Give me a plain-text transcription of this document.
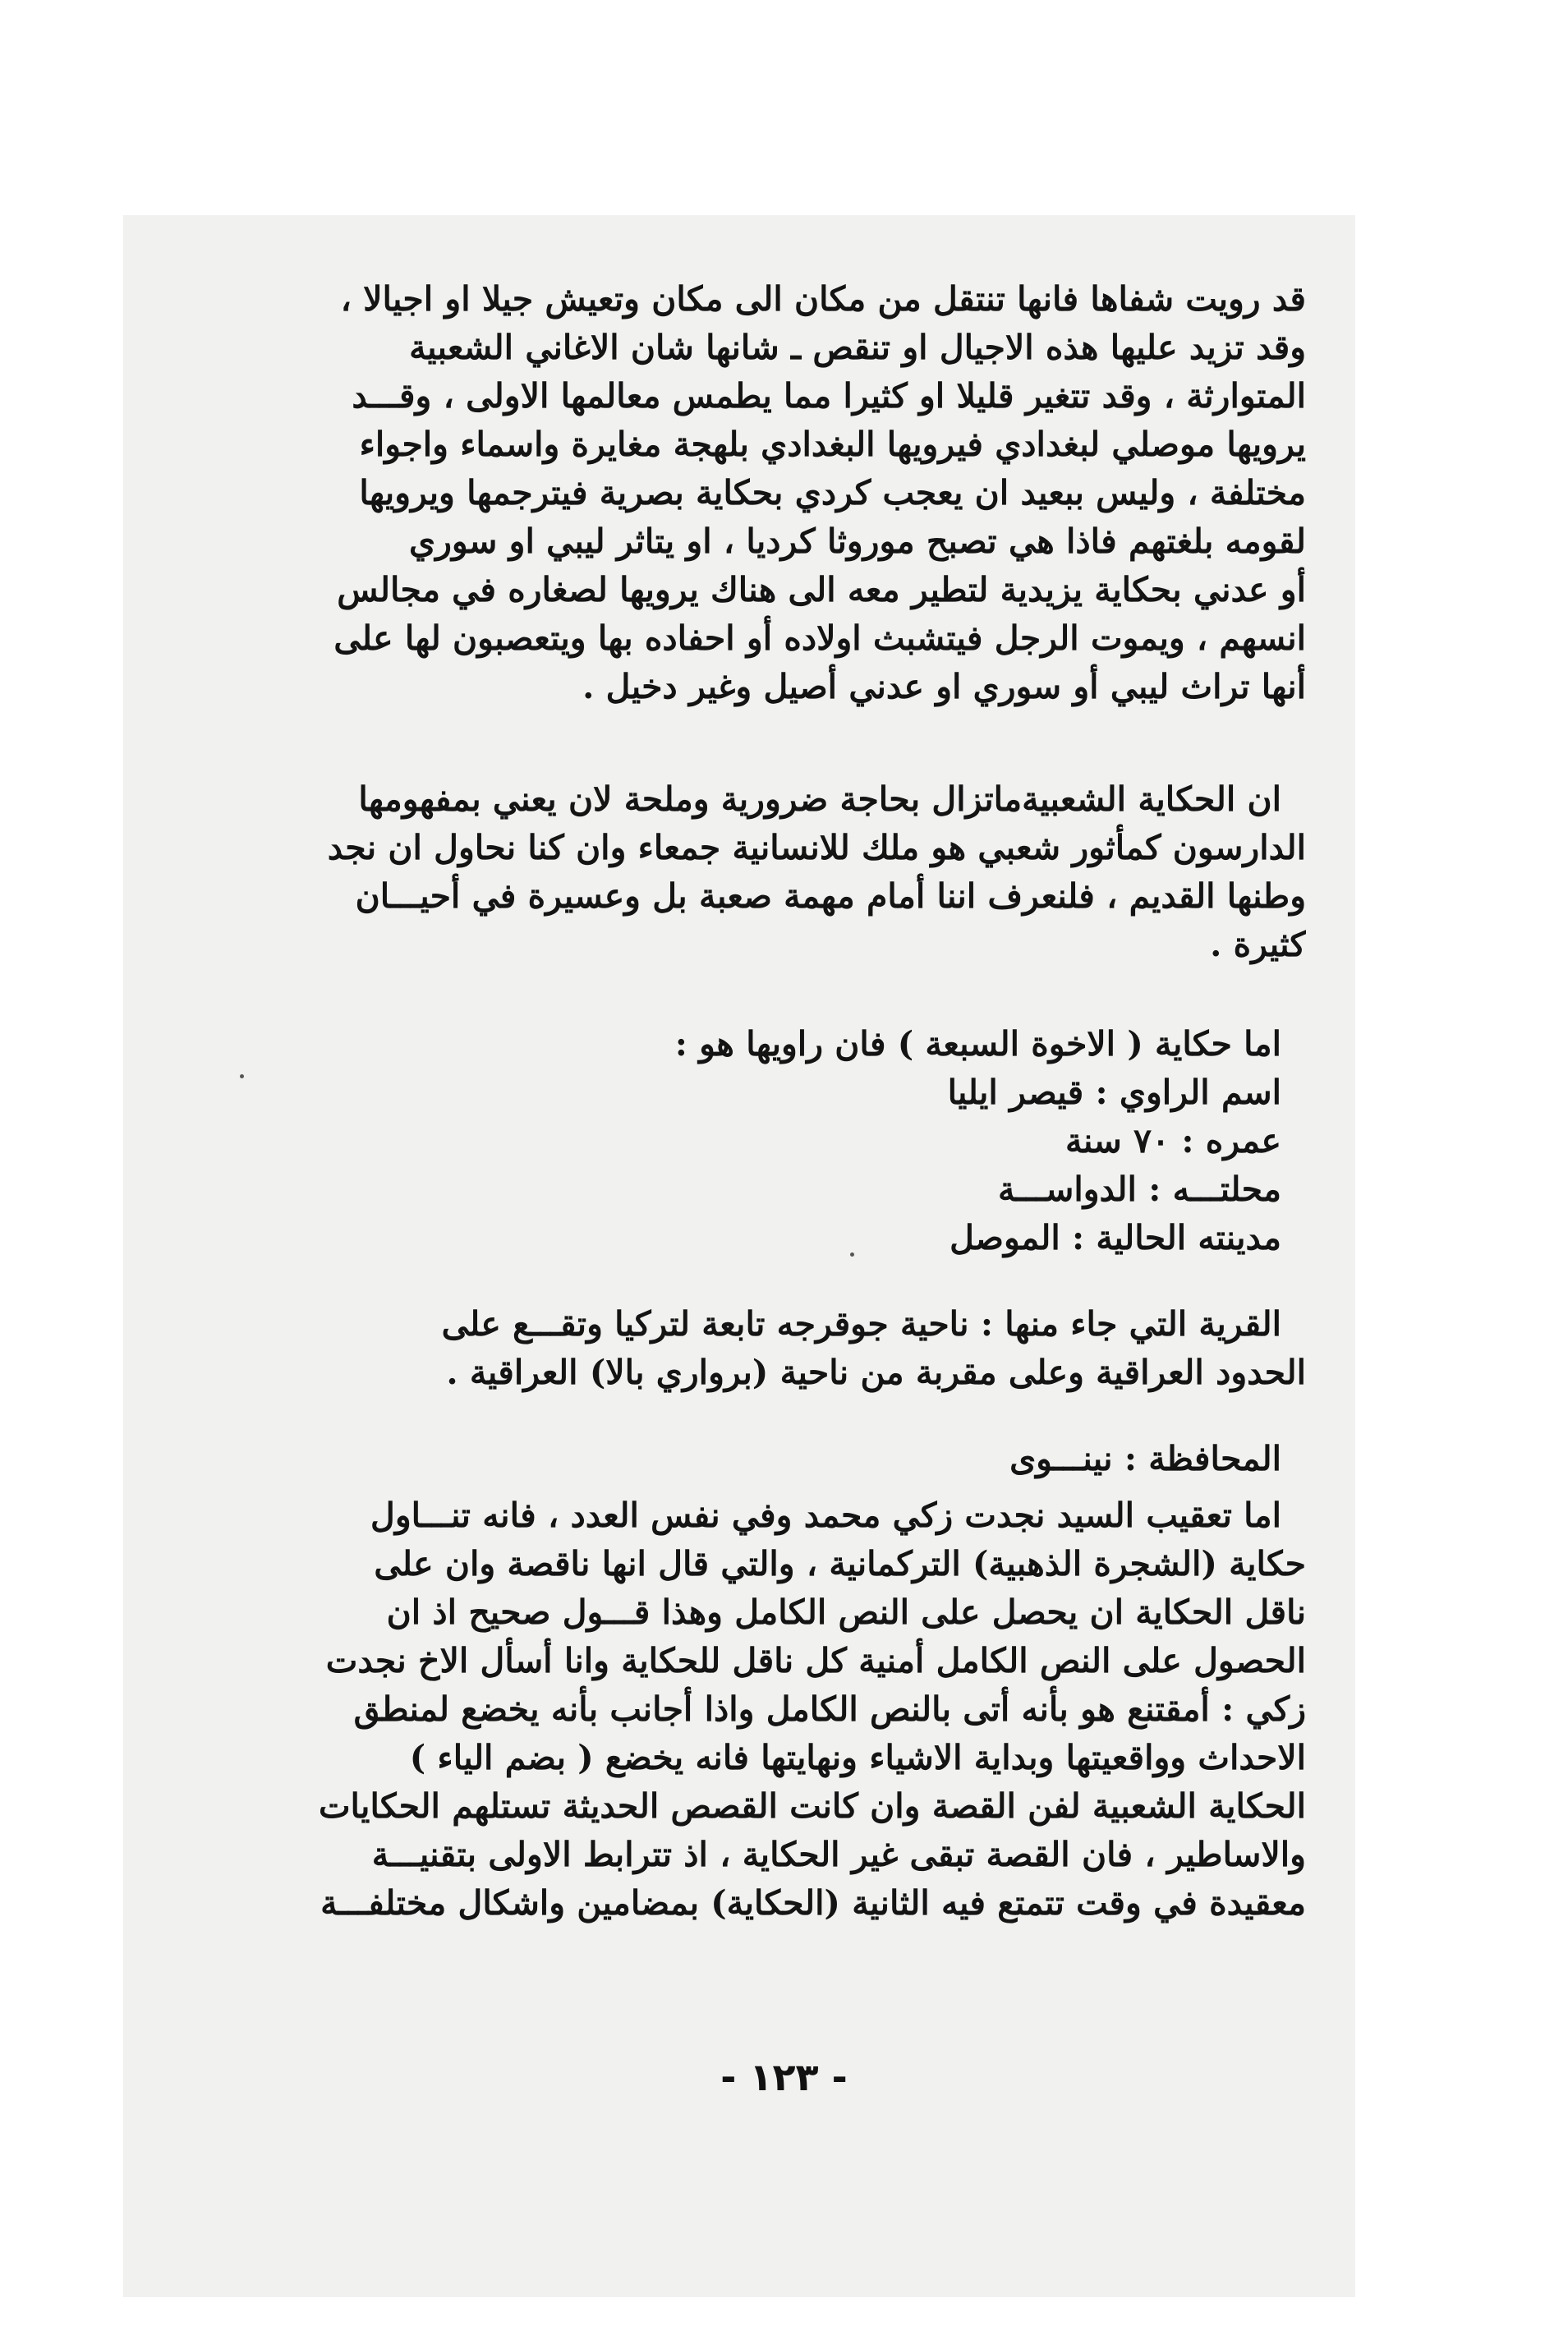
قد رويت شفاها فانها تنتقل من مكان الى مكان وتعيش جيلا او اجيالا ،
وقد تزيد عليها هذه الاجيال او تنقص ـ شانها شان الاغاني الشعبية
المتوارثة ، وقد تتغير قليلا او كثيرا مما يطمس معالمها الاولى ، وقـــد
يرويها موصلي لبغدادي فيرويها البغدادي بلهجة مغايرة واسماء واجواء
مختلفة ، وليس ببعيد ان يعجب كردي بحكاية بصرية فيترجمها ويرويها
لقومه بلغتهم فاذا هي تصبح موروثا كرديا ، او يتاثر ليبي او سوري
أو عدني بحكاية يزيدية لتطير معه الى هناك يرويها لصغاره في مجالس
انسهم ، ويموت الرجل فيتشبث اولاده أو احفاده بها ويتعصبون لها على
أنها تراث ليبي أو سوري او عدني أصيل وغير دخيل .
ان الحكاية الشعبيةماتزال بحاجة ضرورية وملحة لان يعني بمفهومها
الدارسون كمأثور شعبي هو ملك للانسانية جمعاء وان كنا نحاول ان نجد
وطنها القديم ، فلنعرف اننا أمام مهمة صعبة بل وعسيرة في أحيـــان
كثيرة .
اما حكاية ( الاخوة السبعة ) فان راويها هو :
اسم الراوي : قيصر ايليا
عمره : ٧٠ سنة
محلتـــه : الدواســـة
مدينته الحالية : الموصل
القرية التي جاء منها : ناحية جوقرجه تابعة لتركيا وتقـــع على
الحدود العراقية وعلى مقربة من ناحية (برواري بالا) العراقية .
المحافظة : نينـــوى
اما تعقيب السيد نجدت زكي محمد وفي نفس العدد ، فانه تنـــاول
حكاية (الشجرة الذهبية) التركمانية ، والتي قال انها ناقصة وان على
ناقل الحكاية ان يحصل على النص الكامل وهذا قـــول صحيح اذ ان
الحصول على النص الكامل أمنية كل ناقل للحكاية وانا أسأل الاخ نجدت
زكي : أمقتنع هو بأنه أتى بالنص الكامل واذا أجانب بأنه يخضع لمنطق
الاحداث وواقعيتها وبداية الاشياء ونهايتها فانه يخضع ( بضم الياء )
الحكاية الشعبية لفن القصة وان كانت القصص الحديثة تستلهم الحكايات
والاساطير ، فان القصة تبقى غير الحكاية ، اذ تترابط الاولى بتقنيـــة
معقيدة في وقت تتمتع فيه الثانية (الحكاية) بمضامين واشكال مختلفـــة
- ١٢٣ -
